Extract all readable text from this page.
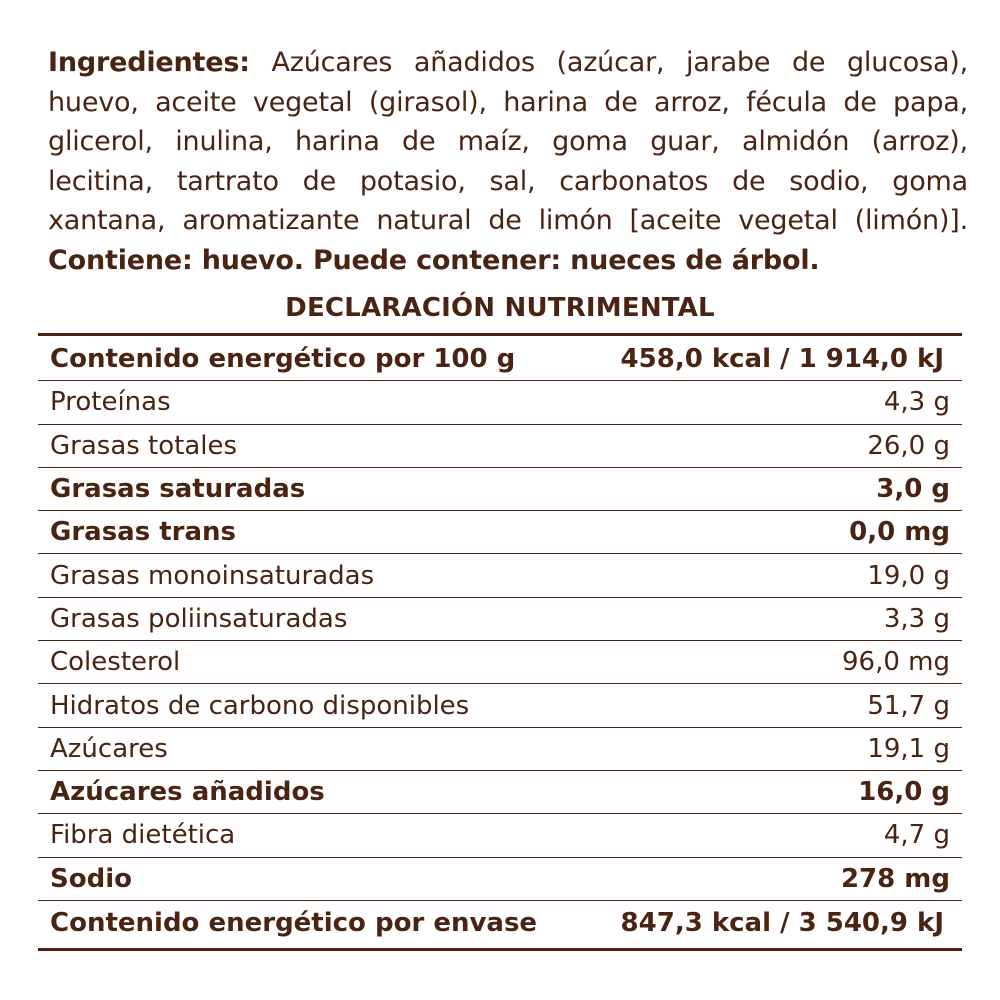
Ingredientes: Azúcares añadidos (azúcar, jarabe de glucosa), huevo, aceite vegetal (girasol), harina de arroz, fécula de papa, glicerol, inulina, harina de maíz, goma guar, almidón (arroz), lecitina, tartrato de potasio, sal, carbonatos de sodio, goma xantana, aromatizante natural de limón [aceite vegetal (limón)]. Contiene: huevo. Puede contener: nueces de árbol.
DECLARACIÓN NUTRIMENTAL
Contenido energético por 100 g	458,0 kcal / 1 914,0 kJ
Proteínas	4,3 g
Grasas totales	26,0 g
Grasas saturadas	3,0 g
Grasas trans	0,0 mg
Grasas monoinsaturadas	19,0 g
Grasas poliinsaturadas	3,3 g
Colesterol	96,0 mg
Hidratos de carbono disponibles	51,7 g
Azúcares	19,1 g
Azúcares añadidos	16,0 g
Fibra dietética	4,7 g
Sodio	278 mg
Contenido energético por envase	847,3 kcal / 3 540,9 kJ
